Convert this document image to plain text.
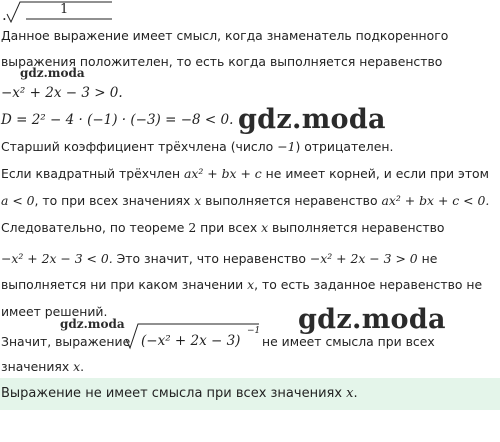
.	1
Данное выражение имеет смысл, когда знаменатель подкоренного
gdz.moda
выражения положителен, то есть когда выполняется неравенство
−x² + 2x − 3 > 0.
D = 2² − 4 · (−1) · (−3) = −8 < 0. gdz.moda
Старший коэффициент трёхчлена (число −1) отрицателен.
Если квадратный трёхчлен ax² + bx + c не имеет корней, и если при этом
a < 0, то при всех значениях x выполняется неравенство ax² + bx + c < 0.
Следовательно, по теореме 2 при всех x выполняется неравенство
−x² + 2x − 3 < 0. Это значит, что неравенство −x² + 2x − 3 > 0 не
выполняется ни при каком значении x, то есть заданное неравенство не
имеет решений.
gdz.moda	gdz.moda
Значит, выражение (−x² + 2x − 3)
−1
не имеет смысла при всех
значениях x.
Выражение не имеет смысла при всех значениях x.
